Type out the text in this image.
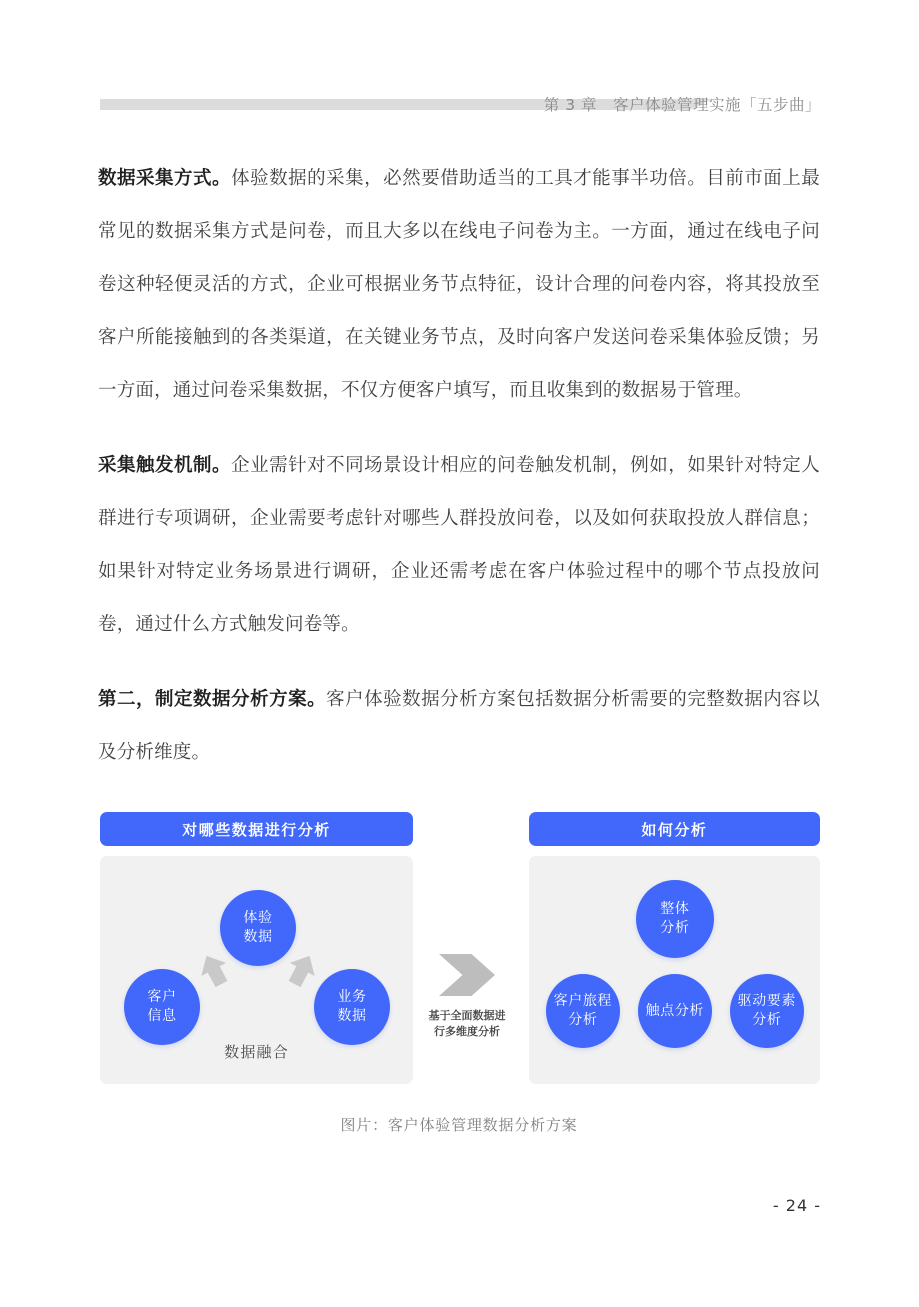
第 3 章　客户体验管理实施「五步曲」

数据采集方式。体验数据的采集，必然要借助适当的工具才能事半功倍。目前市面上最常见的数据采集方式是问卷，而且大多以在线电子问卷为主。一方面，通过在线电子问卷这种轻便灵活的方式，企业可根据业务节点特征，设计合理的问卷内容，将其投放至客户所能接触到的各类渠道，在关键业务节点，及时向客户发送问卷采集体验反馈；另一方面，通过问卷采集数据，不仅方便客户填写，而且收集到的数据易于管理。

采集触发机制。企业需针对不同场景设计相应的问卷触发机制，例如，如果针对特定人群进行专项调研，企业需要考虑针对哪些人群投放问卷，以及如何获取投放人群信息；如果针对特定业务场景进行调研，企业还需考虑在客户体验过程中的哪个节点投放问卷，通过什么方式触发问卷等。

第二，制定数据分析方案。客户体验数据分析方案包括数据分析需要的完整数据内容以及分析维度。

对哪些数据进行分析
体验
数据
客户
信息
业务
数据
数据融合
基于全面数据进
行多维度分析
如何分析
整体
分析
客户旅程
分析
触点分析
驱动要素
分析
图片：客户体验管理数据分析方案
- 24 -
